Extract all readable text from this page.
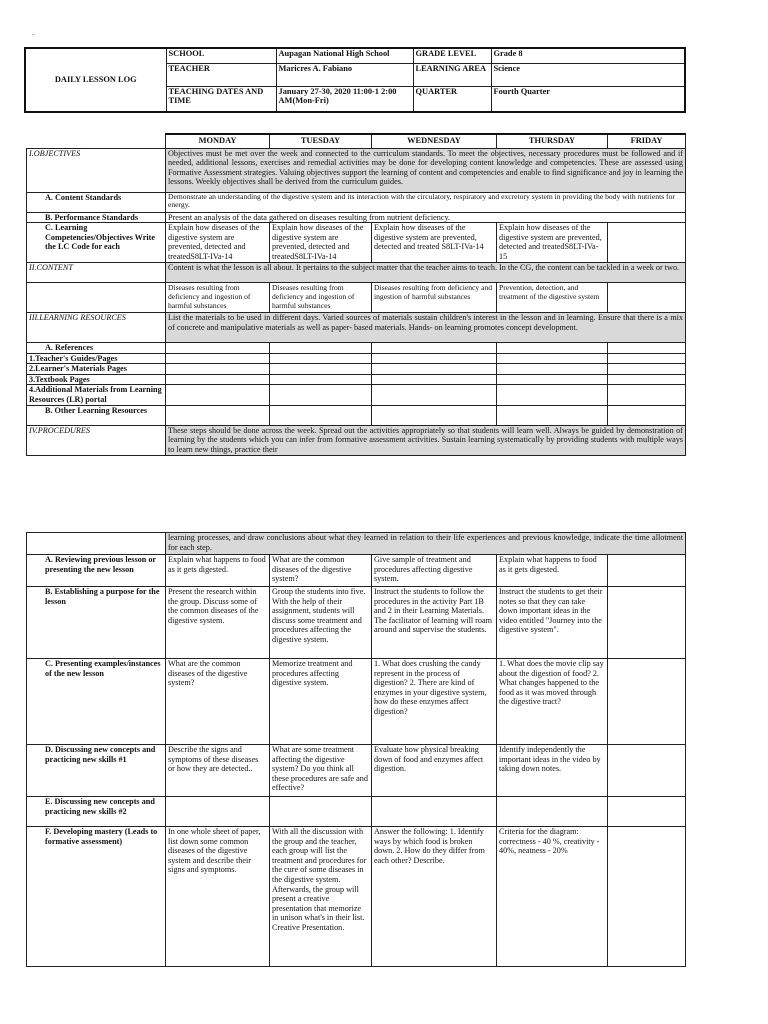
-
DAILY LESSON LOG	SCHOOL	Aupagan National High School	GRADE LEVEL	Grade 8
	TEACHER	Maricres A. Fabiano	LEARNING AREA	Science
	TEACHING DATES AND TIME	January 27-30, 2020 11:00-1 2:00 AM(Mon-Fri)	QUARTER	Fourth Quarter
	MONDAY	TUESDAY	WEDNESDAY	THURSDAY	FRIDAY
I.OBJECTIVES	Objectives must be met over the week and connected to the curriculum standards. To meet the objectives, necessary procedures must be followed and if needed, additional lessons, exercises and remedial activities may be done for developing content knowledge and competencies. These are assessed using Formative Assessment strategies. Valuing objectives support the learning of content and competencies and enable to find significance and joy in learning the lessons. Weekly objectives shall be derived from the curriculum guides.				
A. Content Standards	Demonstrate an understanding of the digestive system and its interaction with the circulatory, respiratory and excretory system in providing the body with nutrients for energy.				
B. Performance Standards	Present an analysis of the data gathered on diseases resulting from nutrient deficiency.				
C. Learning Competencies/Objectives Write the LC Code for each	Explain how diseases of the digestive system are prevented, detected and treatedS8LT-IVa-14	Explain how diseases of the digestive system are prevented, detected and treatedS8LT-IVa-14	Explain how diseases of the digestive system are prevented, detected and treated S8LT-IVa-14	Explain how diseases of the digestive system are prevented, detected and treatedS8LT-IVa-15	
II.CONTENT	Content is what the lesson is all about. It pertains to the subject matter that the teacher aims to teach. In the CG, the content can be tackled in a week or two.				
	Diseases resulting from deficiency and ingestion of harmful substances	Diseases resulting from deficiency and ingestion of harmful substances	Diseases resulting from deficiency and ingestion of harmful substances	Prevention, detection, and treatment of the digestive system	
III.LEARNING RESOURCES	List the materials to be used in different days. Varied sources of materials sustain children's interest in the lesson and in learning. Ensure that there is a mix of concrete and manipulative materials as well as paper- based materials. Hands- on learning promotes concept development.				
A. References					
1.Teacher's Guides/Pages					
2.Learner's Materials Pages					
3.Textbook Pages					
4.Additional Materials from Learning Resources (LR) portal					
B. Other Learning Resources					
IV.PROCEDURES	These steps should be done across the week. Spread out the activities appropriately so that students will learn well. Always be guided by demonstration of learning by the students which you can infer from formative assessment activities. Sustain learning systematically by providing students with multiple ways to learn new things, practice their				
	learning processes, and draw conclusions about what they learned in relation to their life experiences and previous knowledge, indicate the time allotment for each step.				
A. Reviewing previous lesson or presenting the new lesson	Explain what happens to food as it gets digested.	What are the common diseases of the digestive system?	Give sample of treatment and procedures affecting digestive system.	Explain what happens to food as it gets digested.	
B. Establishing a purpose for the lesson	Present the research within the group. Discuss some of the common diseases of the digestive system.	Group the students into five. With the help of their assignment, students will discuss some treatment and procedures affecting the digestive system.	Instruct the students to follow the procedures in the activity Part 1B and 2 in their Learning Materials. The facilitator of learning will roam around and supervise the students.	Instruct the students to get their notes so that they can take down important ideas in the video entitled "Journey into the digestive system".	
C. Presenting examples/instances of the new lesson	What are the common diseases of the digestive system?	Memorize treatment and procedures affecting digestive system.	1. What does crushing the candy represent in the process of digestion? 2. There are kind of enzymes in your digestive system, how do these enzymes affect digestion?	1. What does the movie clip say about the digestion of food? 2. What changes happened to the food as it was moved through the digestive tract?	
D. Discussing new concepts and practicing new skills #1	Describe the signs and symptoms of these diseases or how they are detected..	What are some treatment affecting the digestive system? Do you think all these procedures are safe and effective?	Evaluate how physical breaking down of food and enzymes affect digestion.	Identify independently the important ideas in the video by taking down notes.	
E. Discussing new concepts and practicing new skills #2					
F. Developing mastery (Leads to formative assessment)	In one whole sheet of paper, list down some common diseases of the digestive system and describe their signs and symptoms.	With all the discussion with the group and the teacher, each group will list the treatment and procedures for the cure of some diseases in the digestive system. Afterwards, the group will present a creative presentation that memorize in unison what's in their list. Creative Presentation.	Answer the following: 1. Identify ways by which food is broken down. 2. How do they differ from each other? Describe.	Criteria for the diagram: correctness - 40 %, creativity - 40%, neatness - 20%	
